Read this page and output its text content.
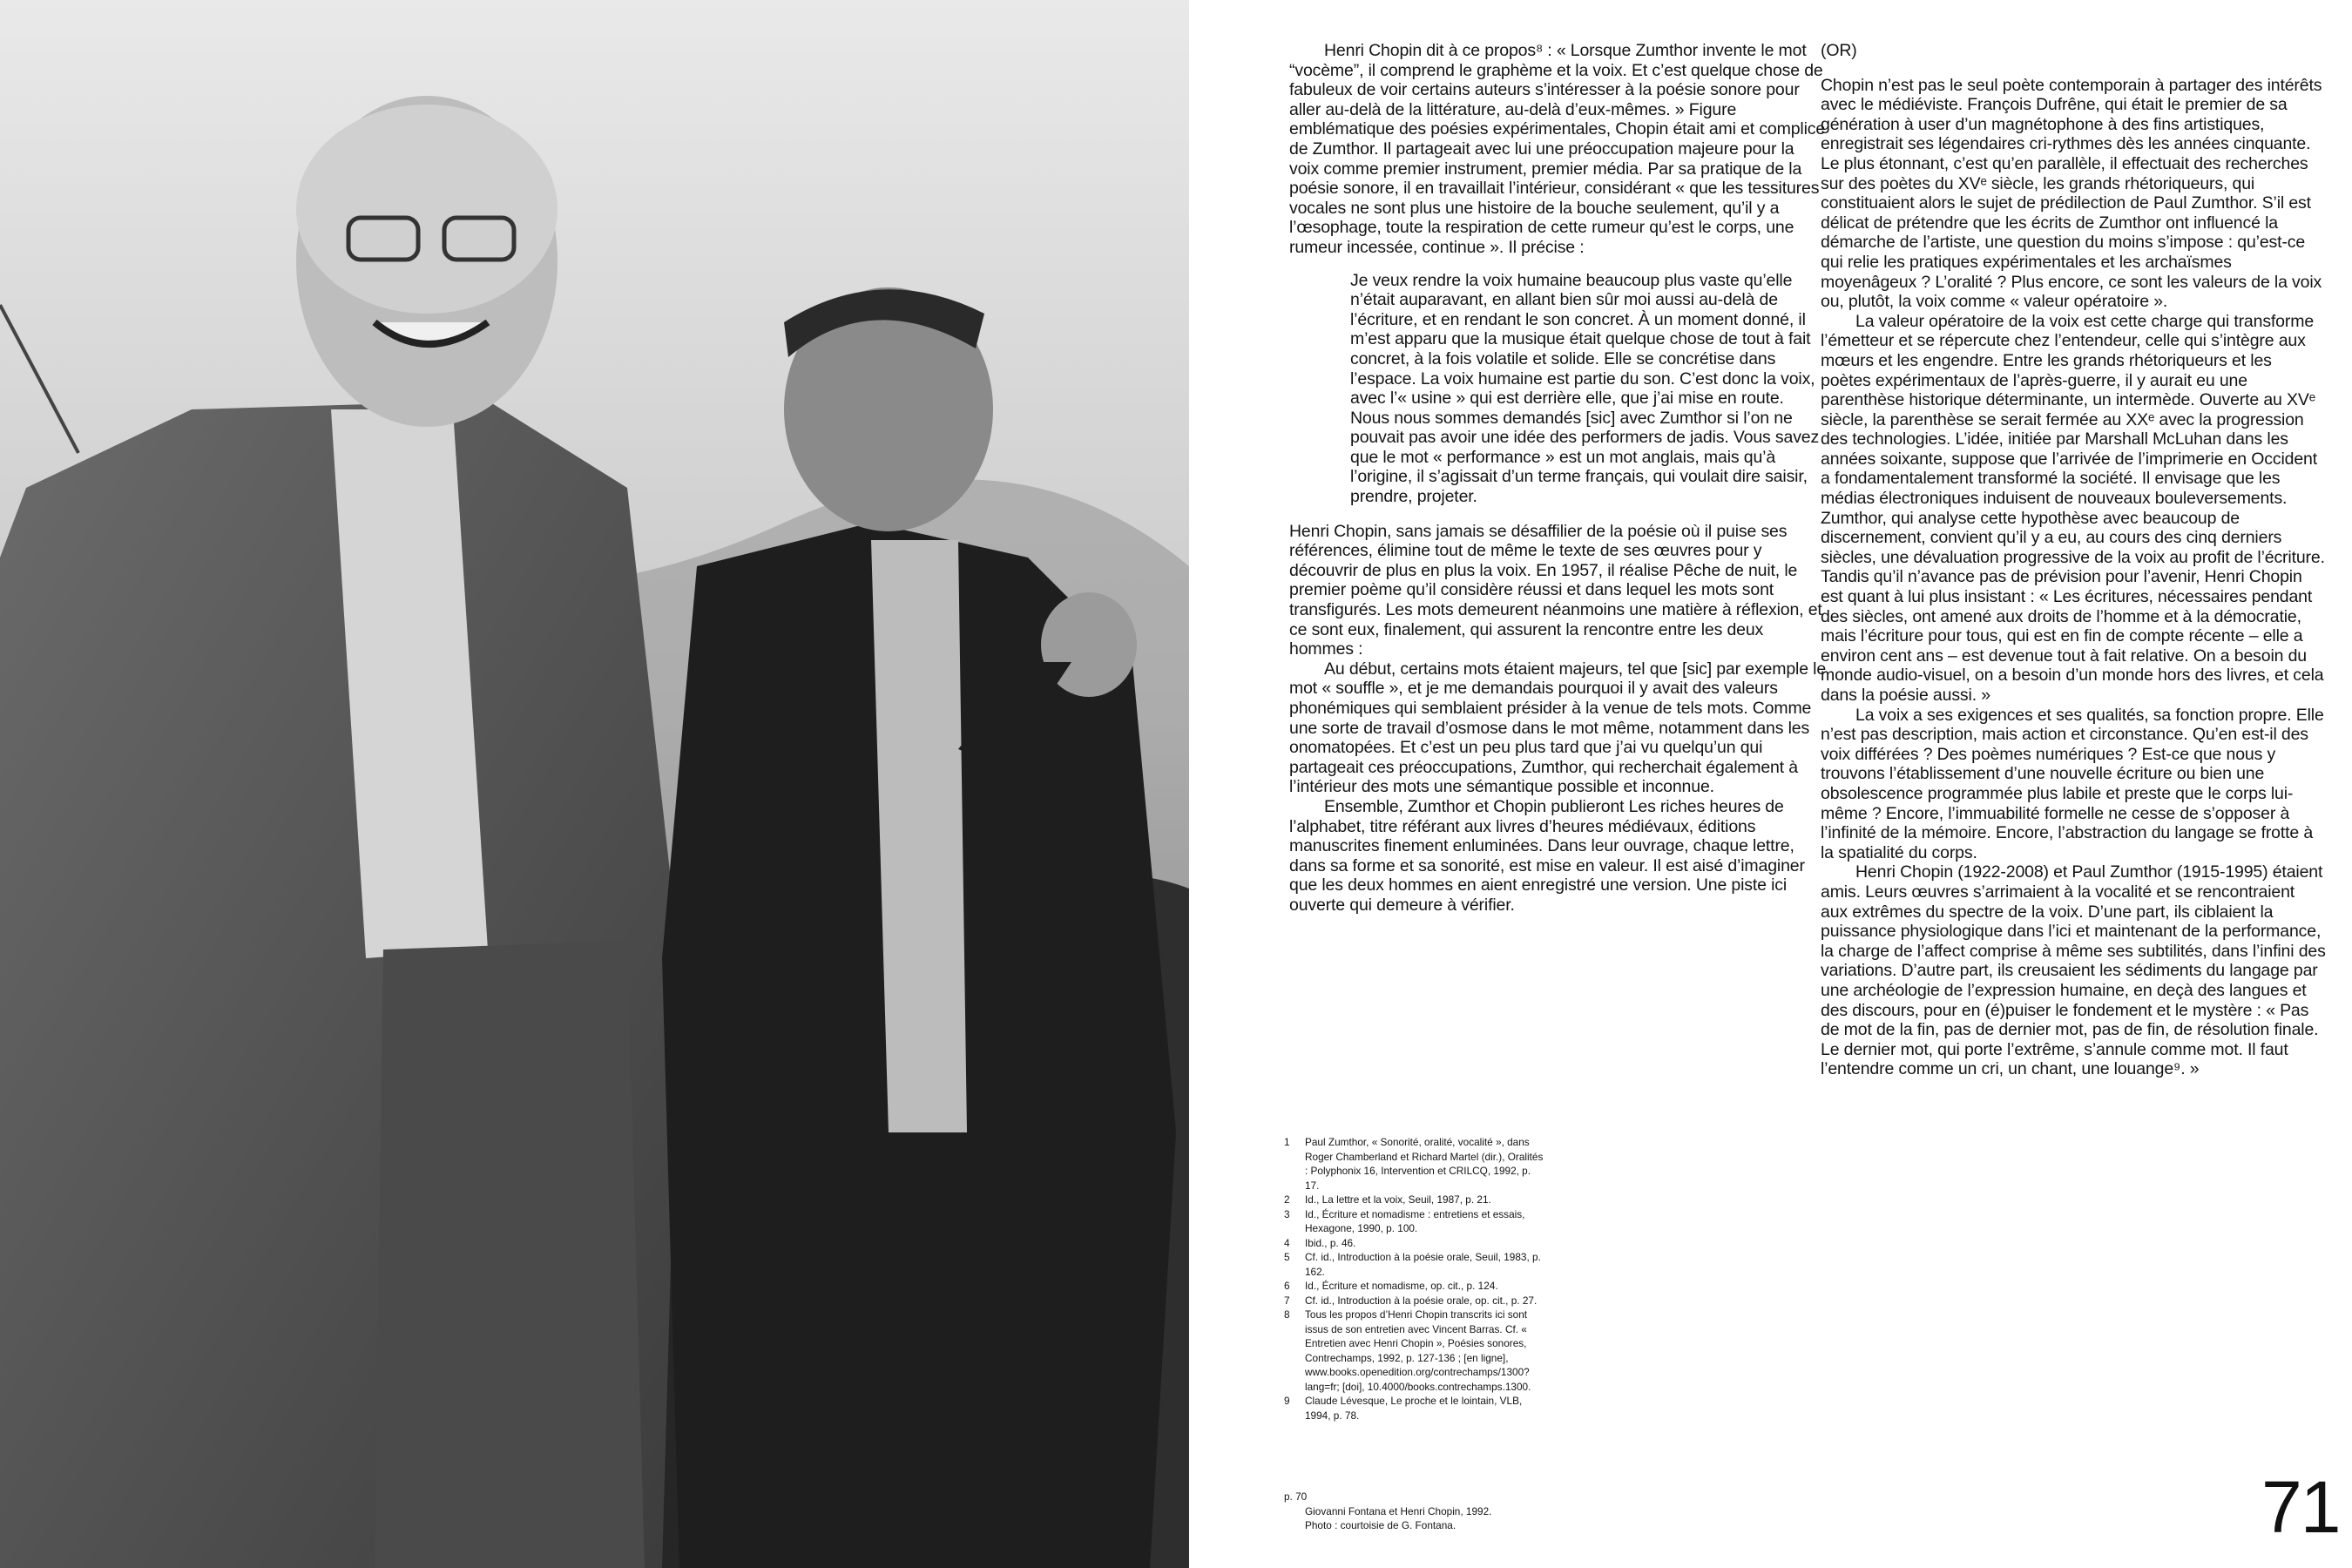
Henri Chopin dit à ce propos⁸ : « Lorsque Zumthor invente le mot “vocème”, il comprend le graphème et la voix. Et c’est quelque chose de fabuleux de voir certains auteurs s’intéresser à la poésie sonore pour aller au-delà de la littérature, au-delà d’eux-mêmes. » Figure emblématique des poésies expérimentales, Chopin était ami et complice de Zumthor. Il partageait avec lui une préoccupation majeure pour la voix comme premier instrument, premier média. Par sa pratique de la poésie sonore, il en travaillait l’intérieur, considérant « que les tessitures vocales ne sont plus une histoire de la bouche seulement, qu’il y a l’œsophage, toute la respiration de cette rumeur qu’est le corps, une rumeur incessée, continue ». Il précise :

Je veux rendre la voix humaine beaucoup plus vaste qu’elle n’était auparavant, en allant bien sûr moi aussi au-delà de l’écriture, et en rendant le son concret. À un moment donné, il m’est apparu que la musique était quelque chose de tout à fait concret, à la fois volatile et solide. Elle se concrétise dans l’espace. La voix humaine est partie du son. C’est donc la voix, avec l’« usine » qui est derrière elle, que j’ai mise en route. Nous nous sommes demandés [sic] avec Zumthor si l’on ne pouvait pas avoir une idée des performers de jadis. Vous savez que le mot « performance » est un mot anglais, mais qu’à l’origine, il s’agissait d’un terme français, qui voulait dire saisir, prendre, projeter.

Henri Chopin, sans jamais se désaffilier de la poésie où il puise ses références, élimine tout de même le texte de ses œuvres pour y découvrir de plus en plus la voix. En 1957, il réalise Pêche de nuit, le premier poème qu’il considère réussi et dans lequel les mots sont transfigurés. Les mots demeurent néanmoins une matière à réflexion, et ce sont eux, finalement, qui assurent la rencontre entre les deux hommes :

Au début, certains mots étaient majeurs, tel que [sic] par exemple le mot « souffle », et je me demandais pourquoi il y avait des valeurs phonémiques qui semblaient présider à la venue de tels mots. Comme une sorte de travail d’osmose dans le mot même, notamment dans les onomatopées. Et c’est un peu plus tard que j’ai vu quelqu’un qui partageait ces préoccupations, Zumthor, qui recherchait également à l’intérieur des mots une sémantique possible et inconnue.

Ensemble, Zumthor et Chopin publieront Les riches heures de l’alphabet, titre référant aux livres d’heures médiévaux, éditions manuscrites finement enluminées. Dans leur ouvrage, chaque lettre, dans sa forme et sa sonorité, est mise en valeur. Il est aisé d’imaginer que les deux hommes en aient enregistré une version. Une piste ici ouverte qui demeure à vérifier.

(OR)

Chopin n’est pas le seul poète contemporain à partager des intérêts avec le médiéviste. François Dufrêne, qui était le premier de sa génération à user d’un magnétophone à des fins artistiques, enregistrait ses légendaires cri-rythmes dès les années cinquante. Le plus étonnant, c’est qu’en parallèle, il effectuait des recherches sur des poètes du XVᵉ siècle, les grands rhétoriqueurs, qui constituaient alors le sujet de prédilection de Paul Zumthor. S’il est délicat de prétendre que les écrits de Zumthor ont influencé la démarche de l’artiste, une question du moins s’impose : qu’est-ce qui relie les pratiques expérimentales et les archaïsmes moyenâgeux ? L’oralité ? Plus encore, ce sont les valeurs de la voix ou, plutôt, la voix comme « valeur opératoire ».

La valeur opératoire de la voix est cette charge qui transforme l’émetteur et se répercute chez l’entendeur, celle qui s’intègre aux mœurs et les engendre. Entre les grands rhétoriqueurs et les poètes expérimentaux de l’après-guerre, il y aurait eu une parenthèse historique déterminante, un intermède. Ouverte au XVᵉ siècle, la parenthèse se serait fermée au XXᵉ avec la progression des technologies. L’idée, initiée par Marshall McLuhan dans les années soixante, suppose que l’arrivée de l’imprimerie en Occident a fondamentalement transformé la société. Il envisage que les médias électroniques induisent de nouveaux bouleversements. Zumthor, qui analyse cette hypothèse avec beaucoup de discernement, convient qu’il y a eu, au cours des cinq derniers siècles, une dévaluation progressive de la voix au profit de l’écriture. Tandis qu’il n’avance pas de prévision pour l’avenir, Henri Chopin est quant à lui plus insistant : « Les écritures, nécessaires pendant des siècles, ont amené aux droits de l’homme et à la démocratie, mais l’écriture pour tous, qui est en fin de compte récente – elle a environ cent ans – est devenue tout à fait relative. On a besoin du monde audio-visuel, on a besoin d’un monde hors des livres, et cela dans la poésie aussi. »

La voix a ses exigences et ses qualités, sa fonction propre. Elle n’est pas description, mais action et circonstance. Qu’en est-il des voix différées ? Des poèmes numériques ? Est-ce que nous y trouvons l’établissement d’une nouvelle écriture ou bien une obsolescence programmée plus labile et preste que le corps lui-même ? Encore, l’immuabilité formelle ne cesse de s’opposer à l’infinité de la mémoire. Encore, l’abstraction du langage se frotte à la spatialité du corps.

Henri Chopin (1922-2008) et Paul Zumthor (1915-1995) étaient amis. Leurs œuvres s’arrimaient à la vocalité et se rencontraient aux extrêmes du spectre de la voix. D’une part, ils ciblaient la puissance physiologique dans l’ici et maintenant de la performance, la charge de l’affect comprise à même ses subtilités, dans l’infini des variations. D’autre part, ils creusaient les sédiments du langage par une archéologie de l’expression humaine, en deçà des langues et des discours, pour en (é)puiser le fondement et le mystère : « Pas de mot de la fin, pas de dernier mot, pas de fin, de résolution finale. Le dernier mot, qui porte l’extrême, s’annule comme mot. Il faut l’entendre comme un cri, un chant, une louange⁹. »

1	Paul Zumthor, « Sonorité, oralité, vocalité », dans Roger Chamberland et Richard Martel (dir.), Oralités : Polyphonix 16, Intervention et CRILCQ, 1992, p. 17.
2	Id., La lettre et la voix, Seuil, 1987, p. 21.
3	Id., Écriture et nomadisme : entretiens et essais, Hexagone, 1990, p. 100.
4	Ibid., p. 46.
5	Cf. id., Introduction à la poésie orale, Seuil, 1983, p. 162.
6	Id., Écriture et nomadisme, op. cit., p. 124.
7	Cf. id., Introduction à la poésie orale, op. cit., p. 27.
8	Tous les propos d’Henri Chopin transcrits ici sont issus de son entretien avec Vincent Barras. Cf. « Entretien avec Henri Chopin », Poésies sonores, Contrechamps, 1992, p. 127-136 ; [en ligne], www.books.openedition.org/contrechamps/1300?lang=fr; [doi], 10.4000/books.contrechamps.1300.
9	Claude Lévesque, Le proche et le lointain, VLB, 1994, p. 78.
p. 70
Giovanni Fontana et Henri Chopin, 1992.
Photo : courtoisie de G. Fontana.	71
